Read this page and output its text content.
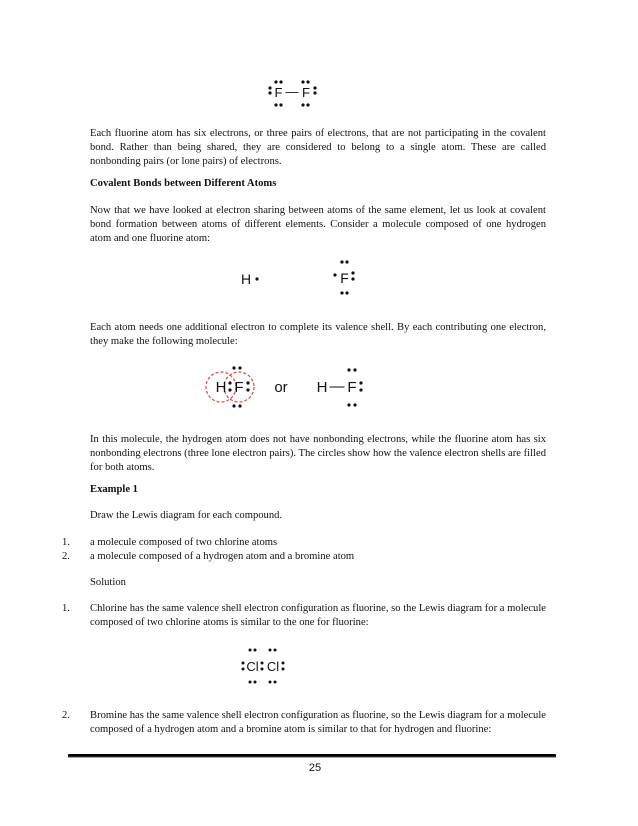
F — F
Each fluorine atom has six electrons, or three pairs of electrons, that are not participating in the covalent bond. Rather than being shared, they are considered to belong to a single atom. These are called nonbonding pairs (or lone pairs) of electrons.
Covalent Bonds between Different Atoms
Now that we have looked at electron sharing between atoms of the same element, let us look at covalent bond formation between atoms of different elements. Consider a molecule composed of one hydrogen atom and one fluorine atom:
H	F
Each atom needs one additional electron to complete its valence shell. By each contributing one electron, they make the following molecule:
H F or H — F
In this molecule, the hydrogen atom does not have nonbonding electrons, while the fluorine atom has six nonbonding electrons (three lone electron pairs). The circles show how the valence electron shells are filled for both atoms.
Example 1
Draw the Lewis diagram for each compound.
1. a molecule composed of two chlorine atoms
2. a molecule composed of a hydrogen atom and a bromine atom
Solution
1. Chlorine has the same valence shell electron configuration as fluorine, so the Lewis diagram for a molecule composed of two chlorine atoms is similar to the one for fluorine:
Cl Cl
2. Bromine has the same valence shell electron configuration as fluorine, so the Lewis diagram for a molecule composed of a hydrogen atom and a bromine atom is similar to that for hydrogen and fluorine:
25
